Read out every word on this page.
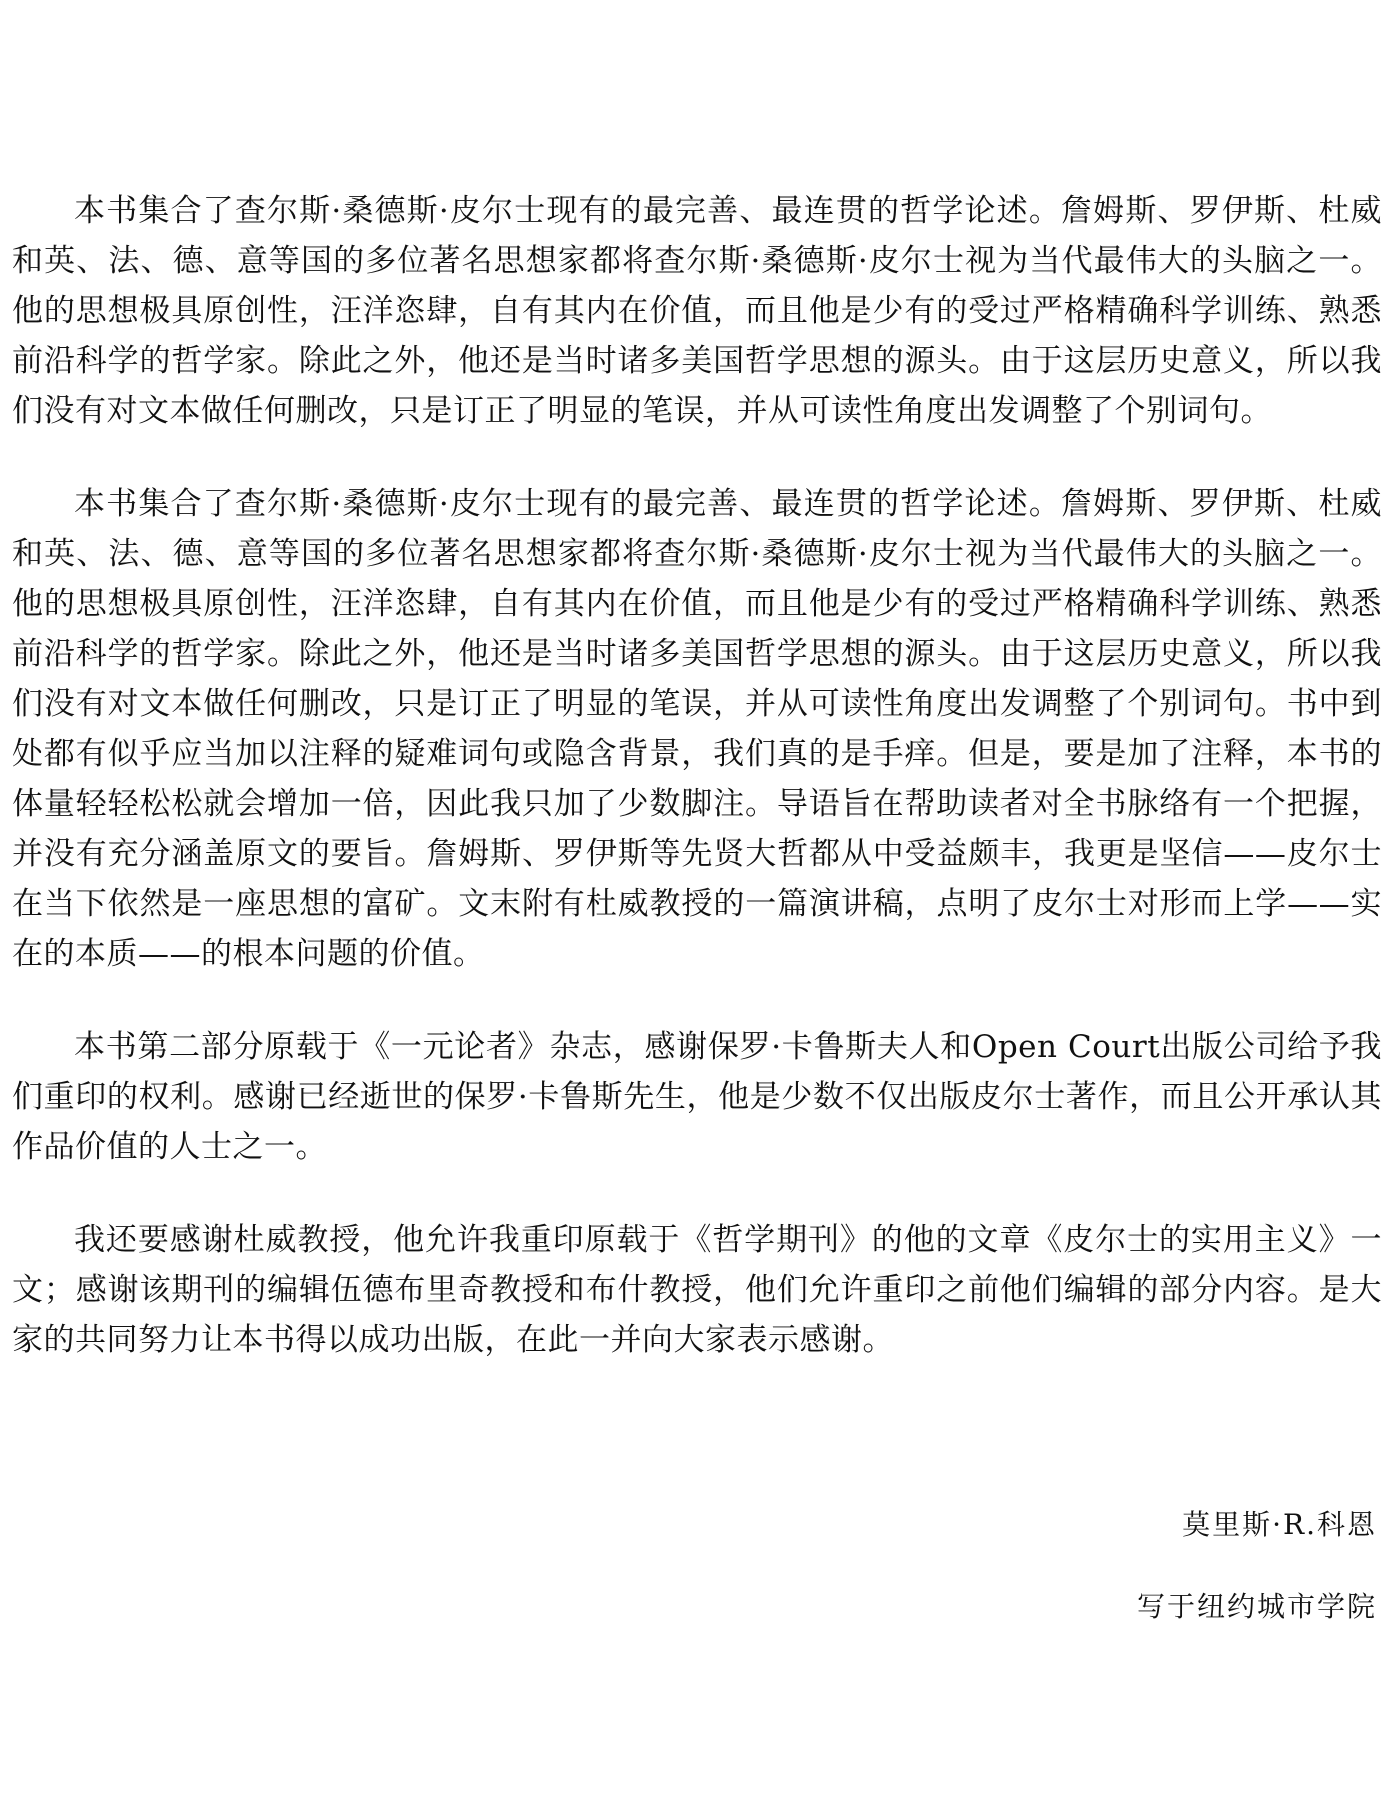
本书集合了查尔斯·桑德斯·皮尔士现有的最完善、最连贯的哲学论述。詹姆斯、罗伊斯、杜威和英、法、德、意等国的多位著名思想家都将查尔斯·桑德斯·皮尔士视为当代最伟大的头脑之一。他的思想极具原创性，汪洋恣肆，自有其内在价值，而且他是少有的受过严格精确科学训练、熟悉前沿科学的哲学家。除此之外，他还是当时诸多美国哲学思想的源头。由于这层历史意义，所以我们没有对文本做任何删改，只是订正了明显的笔误，并从可读性角度出发调整了个别词句。

本书集合了查尔斯·桑德斯·皮尔士现有的最完善、最连贯的哲学论述。詹姆斯、罗伊斯、杜威和英、法、德、意等国的多位著名思想家都将查尔斯·桑德斯·皮尔士视为当代最伟大的头脑之一。他的思想极具原创性，汪洋恣肆，自有其内在价值，而且他是少有的受过严格精确科学训练、熟悉前沿科学的哲学家。除此之外，他还是当时诸多美国哲学思想的源头。由于这层历史意义，所以我们没有对文本做任何删改，只是订正了明显的笔误，并从可读性角度出发调整了个别词句。书中到处都有似乎应当加以注释的疑难词句或隐含背景，我们真的是手痒。但是，要是加了注释，本书的体量轻轻松松就会增加一倍，因此我只加了少数脚注。导语旨在帮助读者对全书脉络有一个把握，并没有充分涵盖原文的要旨。詹姆斯、罗伊斯等先贤大哲都从中受益颇丰，我更是坚信——皮尔士在当下依然是一座思想的富矿。文末附有杜威教授的一篇演讲稿，点明了皮尔士对形而上学——实在的本质——的根本问题的价值。

本书第二部分原载于《一元论者》杂志，感谢保罗·卡鲁斯夫人和Open Court出版公司给予我们重印的权利。感谢已经逝世的保罗·卡鲁斯先生，他是少数不仅出版皮尔士著作，而且公开承认其作品价值的人士之一。

我还要感谢杜威教授，他允许我重印原载于《哲学期刊》的他的文章《皮尔士的实用主义》一文；感谢该期刊的编辑伍德布里奇教授和布什教授，他们允许重印之前他们编辑的部分内容。是大家的共同努力让本书得以成功出版，在此一并向大家表示感谢。

莫里斯·R.科恩
写于纽约城市学院
